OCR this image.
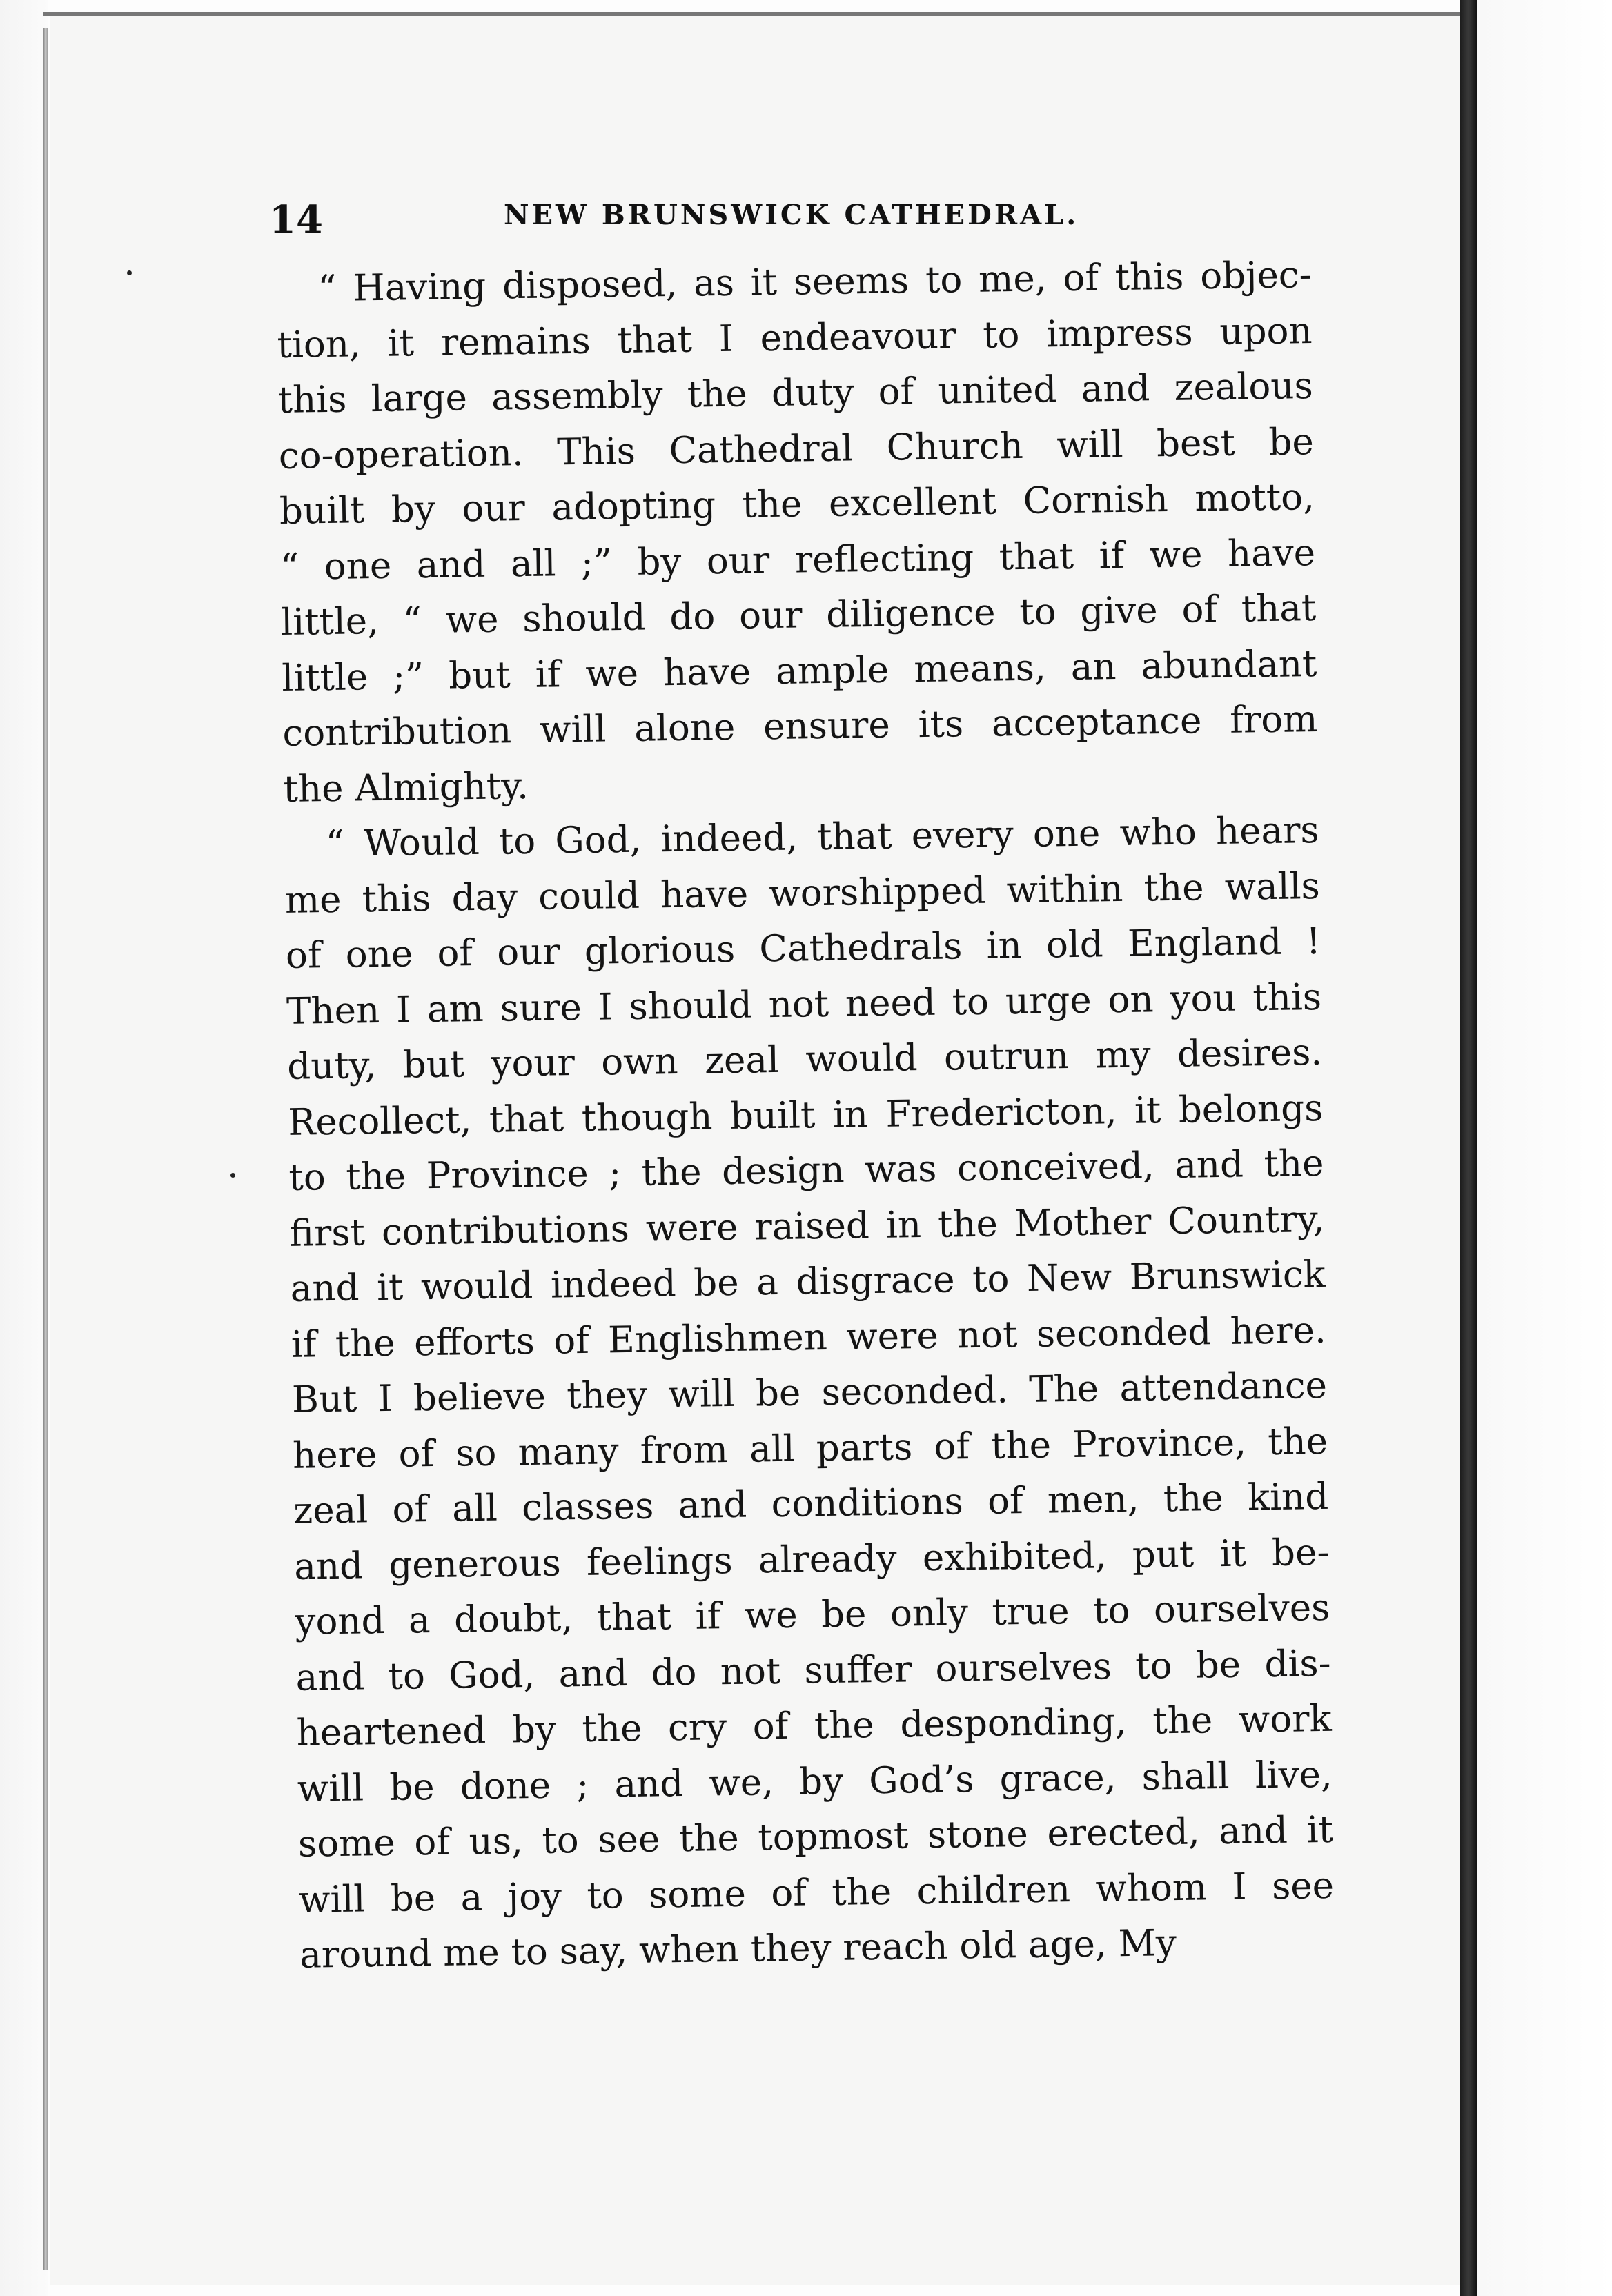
14	NEW BRUNSWICK CATHEDRAL.
“ Having disposed, as it seems to me, of this objec-
tion, it remains that I endeavour to impress upon
this large assembly the duty of united and zealous
co-operation. This Cathedral Church will best be
built by our adopting the excellent Cornish motto,
“ one and all ;” by our reflecting that if we have
little, “ we should do our diligence to give of that
little ;” but if we have ample means, an abundant
contribution will alone ensure its acceptance from
the Almighty.
“ Would to God, indeed, that every one who hears
me this day could have worshipped within the walls
of one of our glorious Cathedrals in old England !
Then I am sure I should not need to urge on you this
duty, but your own zeal would outrun my desires.
Recollect, that though built in Fredericton, it belongs
to the Province ; the design was conceived, and the
first contributions were raised in the Mother Country,
and it would indeed be a disgrace to New Brunswick
if the efforts of Englishmen were not seconded here.
But I believe they will be seconded. The attendance
here of so many from all parts of the Province, the
zeal of all classes and conditions of men, the kind
and generous feelings already exhibited, put it be-
yond a doubt, that if we be only true to ourselves
and to God, and do not suffer ourselves to be dis-
heartened by the cry of the desponding, the work
will be done ; and we, by God’s grace, shall live,
some of us, to see the topmost stone erected, and it
will be a joy to some of the children whom I see
around me to say, when they reach old age, My
